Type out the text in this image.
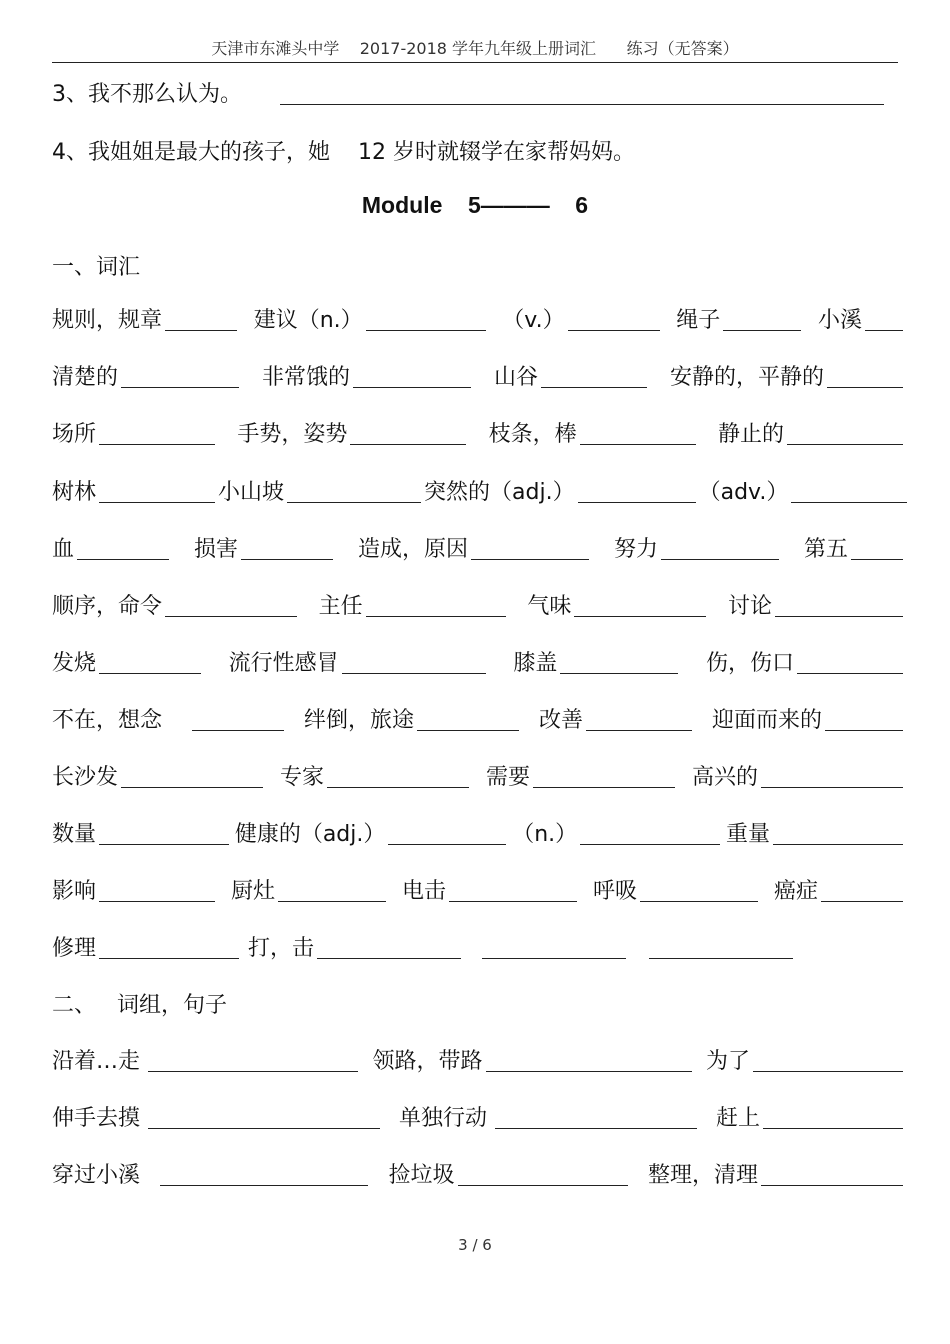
天津市东滩头中学    2017-2018 学年九年级上册词汇      练习（无答案）
3、我不那么认为。
4、我姐姐是最大的孩子，她 12 岁时就辍学在家帮妈妈。
Module    5———    6
一、词汇
规则，规章	建议（n.）	（v.）	绳子	小溪
清楚的	非常饿的	山谷	安静的，平静的
场所	手势，姿势	枝条，棒	静止的
树林	小山坡	突然的（adj.）	（adv.）
血	损害	造成，原因	努力	第五
顺序，命令	主任	气味	讨论
发烧	流行性感冒	膝盖	伤，伤口
不在，想念	绊倒，旅途	改善	迎面而来的
长沙发	专家	需要	高兴的
数量	健康的（adj.）	（n.）	重量
影响	厨灶	电击	呼吸	癌症
修理	打，击
二、   词组，句子
沿着…走	领路，带路	为了
伸手去摸	单独行动	赶上
穿过小溪	捡垃圾	整理，清理
3 / 6
